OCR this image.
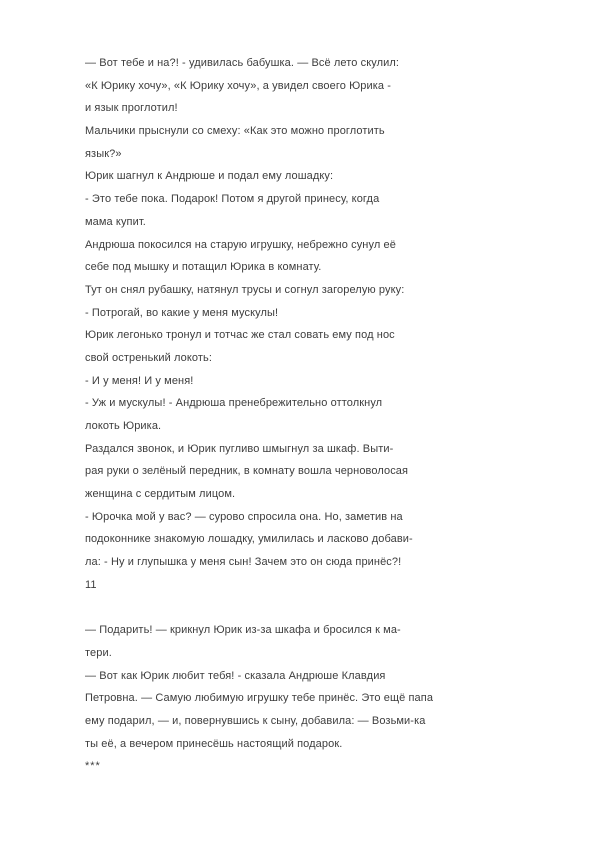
— Вот тебе и на?! - удивилась бабушка. — Всё лето скулил:
«К Юрику хочу», «К Юрику хочу», а увидел своего Юрика -
и язык проглотил!
Мальчики прыснули со смеху: «Как это можно проглотить
язык?»
Юрик шагнул к Андрюше и подал ему лошадку:
- Это тебе пока. Подарок! Потом я другой принесу, когда
мама купит.
Андрюша покосился на старую игрушку, небрежно сунул её
себе под мышку и потащил Юрика в комнату.
Тут он снял рубашку, натянул трусы и согнул загорелую руку:
- Потрогай, во какие у меня мускулы!
Юрик легонько тронул и тотчас же стал совать ему под нос
свой остренький локоть:
- И у меня! И у меня!
- Уж и мускулы! - Андрюша пренебрежительно оттолкнул
локоть Юрика.
Раздался звонок, и Юрик пугливо шмыгнул за шкаф. Выти-
рая руки о зелёный передник, в комнату вошла черноволосая
женщина с сердитым лицом.
- Юрочка мой у вас? — сурово спросила она. Но, заметив на
подоконнике знакомую лошадку, умилилась и ласково добави-
ла: - Ну и глупышка у меня сын! Зачем это он сюда принёс?!
11

— Подарить! — крикнул Юрик из-за шкафа и бросился к ма-
тери.
— Вот как Юрик любит тебя! - сказала Андрюше Клавдия
Петровна. — Самую любимую игрушку тебе принёс. Это ещё папа
ему подарил, — и, повернувшись к сыну, добавила: — Возьми-ка
ты её, а вечером принесёшь настоящий подарок.
***
